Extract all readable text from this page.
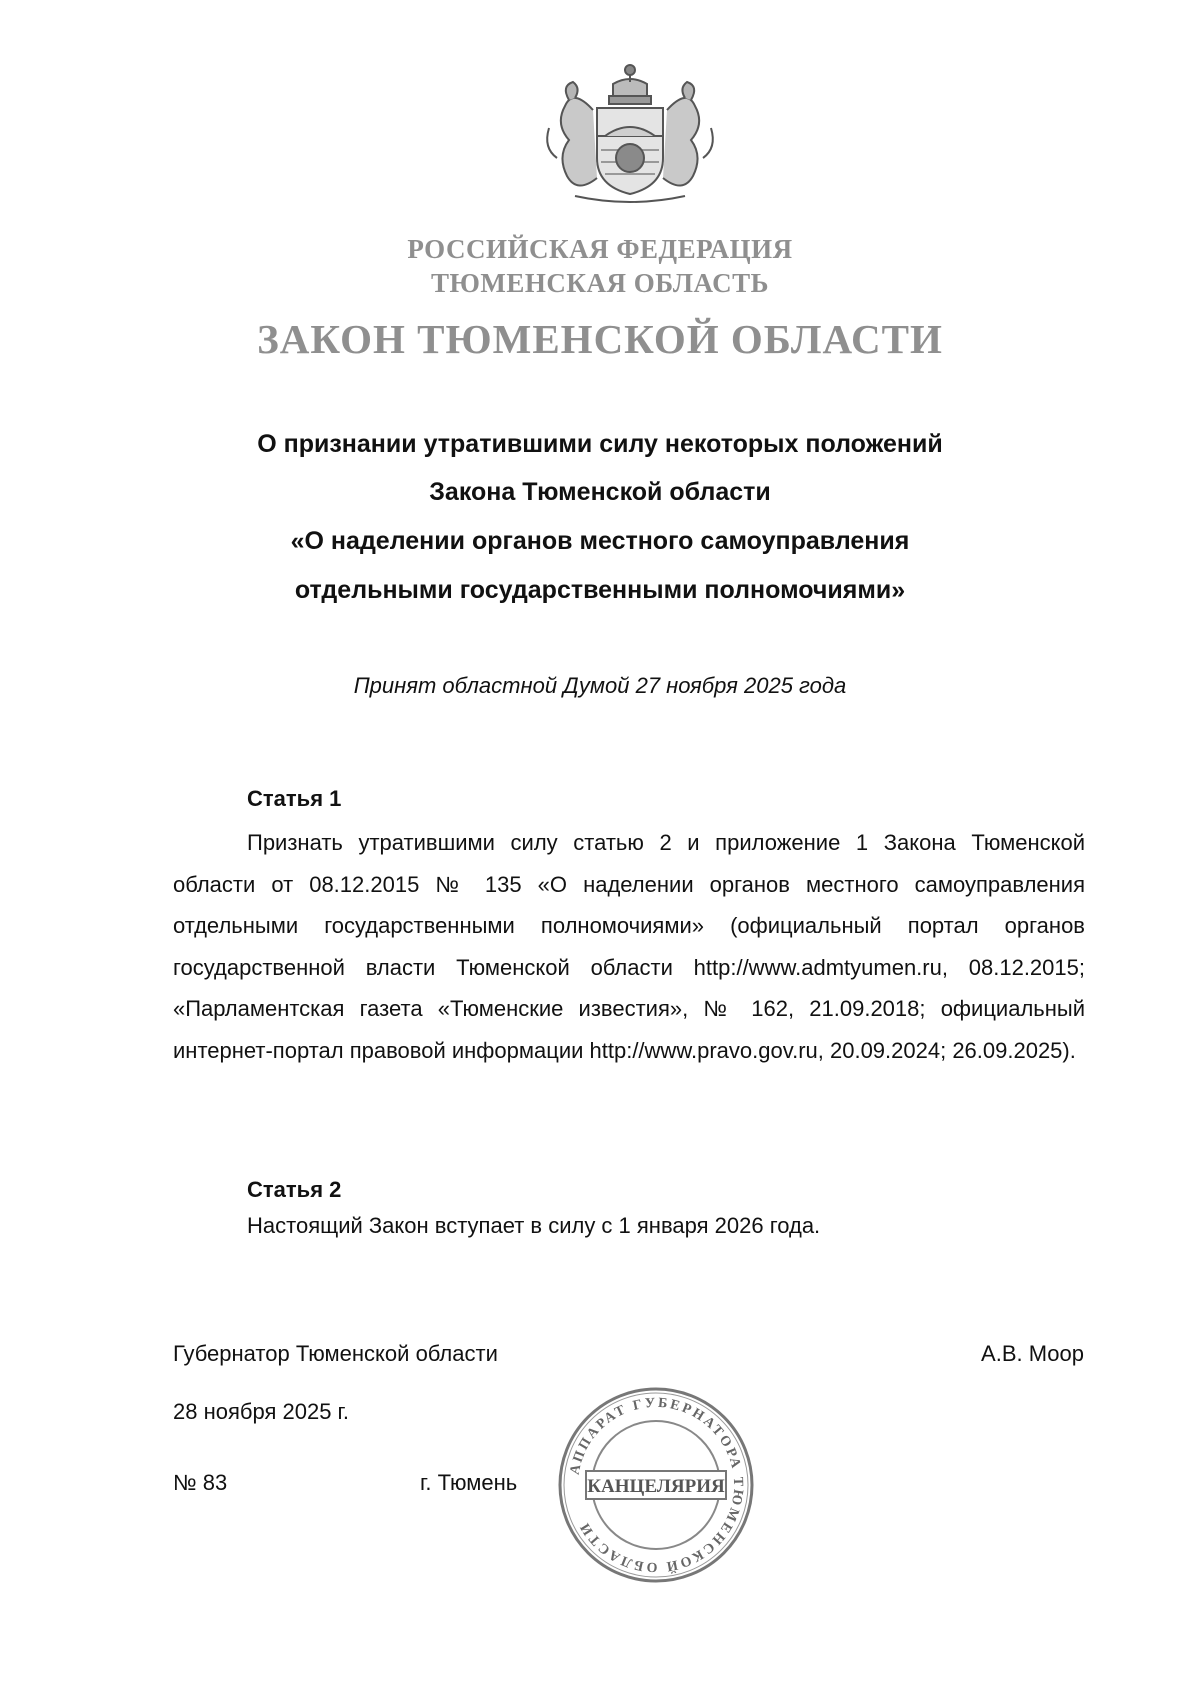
РОССИЙСКАЯ ФЕДЕРАЦИЯ
ТЮМЕНСКАЯ ОБЛАСТЬ
ЗАКОН ТЮМЕНСКОЙ ОБЛАСТИ
О признании утратившими силу некоторых положений
Закона Тюменской области
«О наделении органов местного самоуправления
отдельными государственными полномочиями»
Принят областной Думой 27 ноября 2025 года
Статья 1

Признать утратившими силу статью 2 и приложение 1 Закона Тюменской области от 08.12.2015 № 135 «О наделении органов местного самоуправления отдельными государственными полномочиями» (официальный портал органов государственной власти Тюменской области http://www.admtyumen.ru, 08.12.2015; «Парламентская газета «Тюменские известия», № 162, 21.09.2018; официальный интернет-портал правовой информации http://www.pravo.gov.ru, 20.09.2024; 26.09.2025).

Статья 2
Настоящий Закон вступает в силу с 1 января 2026 года.
Губернатор Тюменской области	А.В. Моор
28 ноября 2025 г.
№ 83	г. Тюмень
АППАРАТ ГУБЕРНАТОРА ТЮМЕНСКОЙ ОБЛАСТИ
КАНЦЕЛЯРИЯ
